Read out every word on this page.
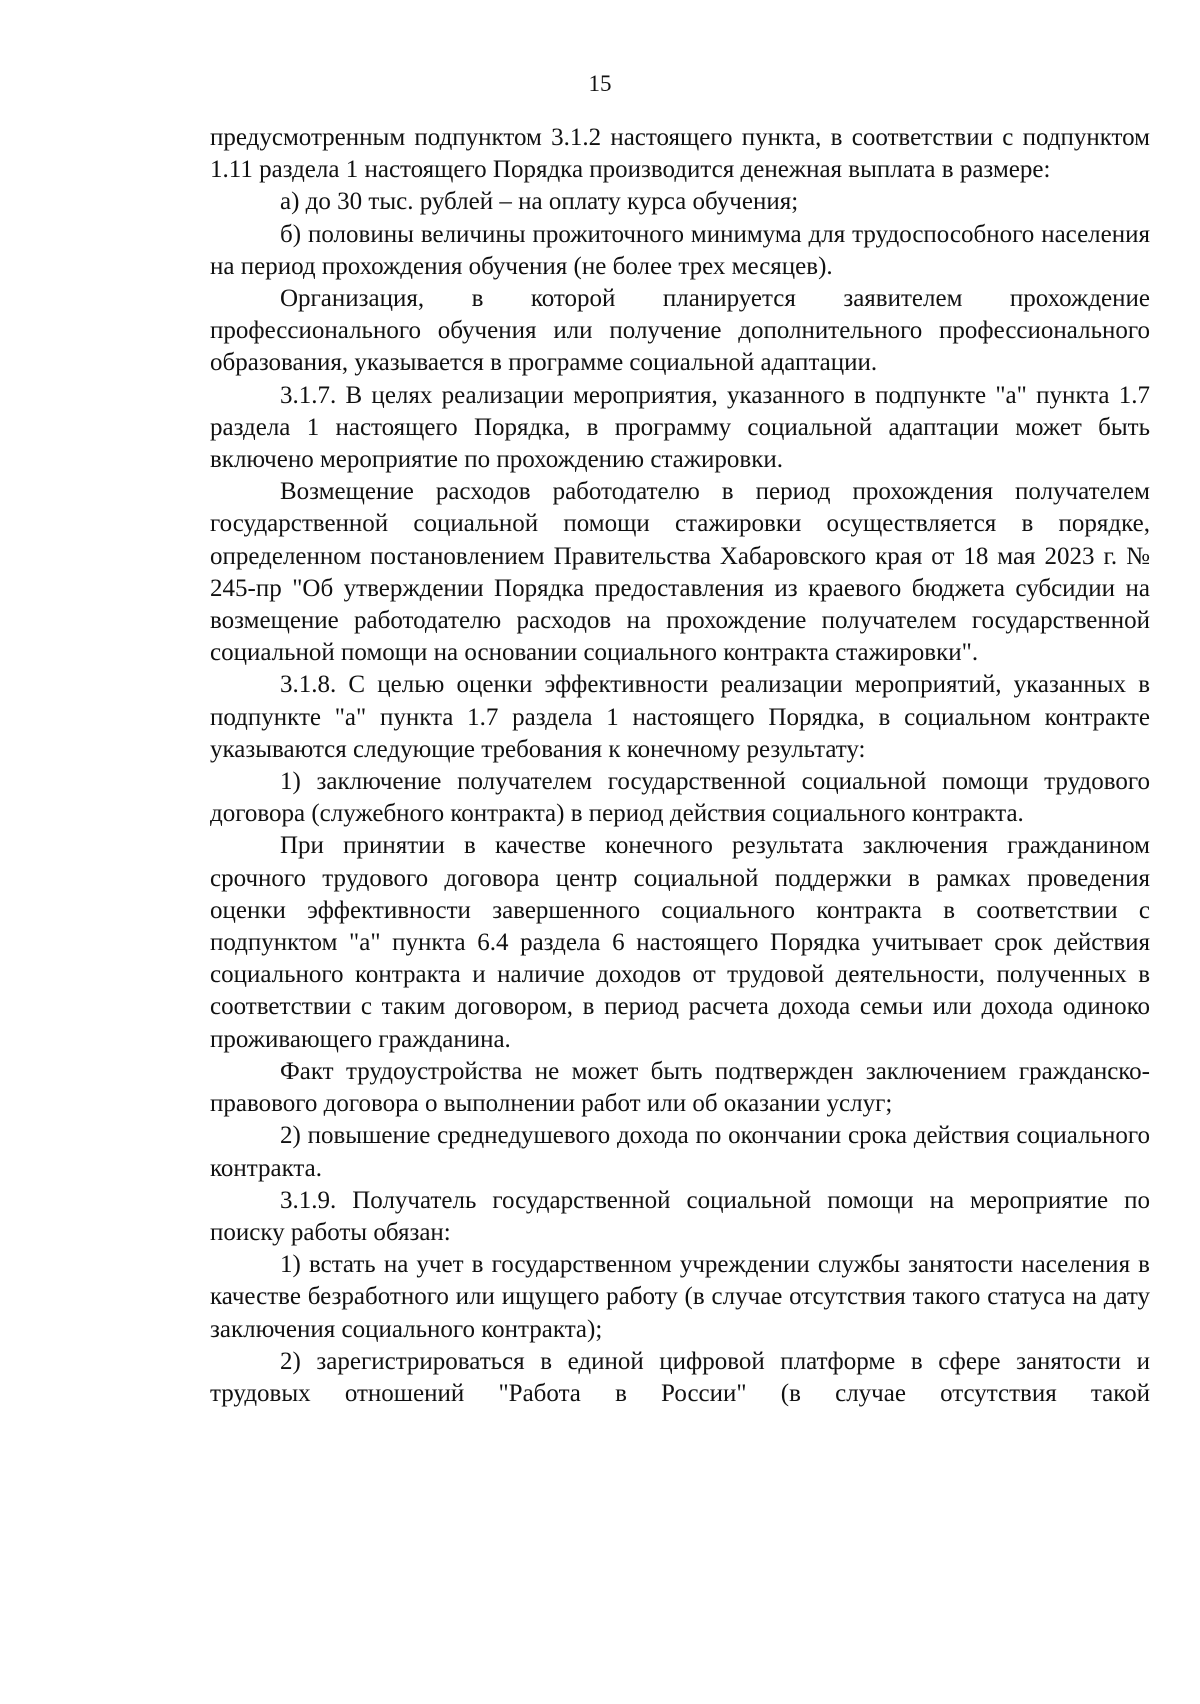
15

предусмотренным подпунктом 3.1.2 настоящего пункта, в соответствии с подпунктом 1.11 раздела 1 настоящего Порядка производится денежная выплата в размере:

а) до 30 тыс. рублей – на оплату курса обучения;

б) половины величины прожиточного минимума для трудоспособного населения на период прохождения обучения (не более трех месяцев).

Организация, в которой планируется заявителем прохождение профессионального обучения или получение дополнительного профессионального образования, указывается в программе социальной адаптации.

3.1.7. В целях реализации мероприятия, указанного в подпункте "а" пункта 1.7 раздела 1 настоящего Порядка, в программу социальной адаптации может быть включено мероприятие по прохождению стажировки.

Возмещение расходов работодателю в период прохождения получателем государственной социальной помощи стажировки осуществляется в порядке, определенном постановлением Правительства Хабаровского края от 18 мая 2023 г. № 245-пр "Об утверждении Порядка предоставления из краевого бюджета субсидии на возмещение работодателю расходов на прохождение получателем государственной социальной помощи на основании социального контракта стажировки".

3.1.8. С целью оценки эффективности реализации мероприятий, указанных в подпункте "а" пункта 1.7 раздела 1 настоящего Порядка, в социальном контракте указываются следующие требования к конечному результату:

1) заключение получателем государственной социальной помощи трудового договора (служебного контракта) в период действия социального контракта.

При принятии в качестве конечного результата заключения гражданином срочного трудового договора центр социальной поддержки в рамках проведения оценки эффективности завершенного социального контракта в соответствии с подпунктом "а" пункта 6.4 раздела 6 настоящего Порядка учитывает срок действия социального контракта и наличие доходов от трудовой деятельности, полученных в соответствии с таким договором, в период расчета дохода семьи или дохода одиноко проживающего гражданина.

Факт трудоустройства не может быть подтвержден заключением гражданско-правового договора о выполнении работ или об оказании услуг;

2) повышение среднедушевого дохода по окончании срока действия социального контракта.

3.1.9. Получатель государственной социальной помощи на мероприятие по поиску работы обязан:

1) встать на учет в государственном учреждении службы занятости населения в качестве безработного или ищущего работу (в случае отсутствия такого статуса на дату заключения социального контракта);

2) зарегистрироваться в единой цифровой платформе в сфере занятости и трудовых отношений "Работа в России" (в случае отсутствия такой
